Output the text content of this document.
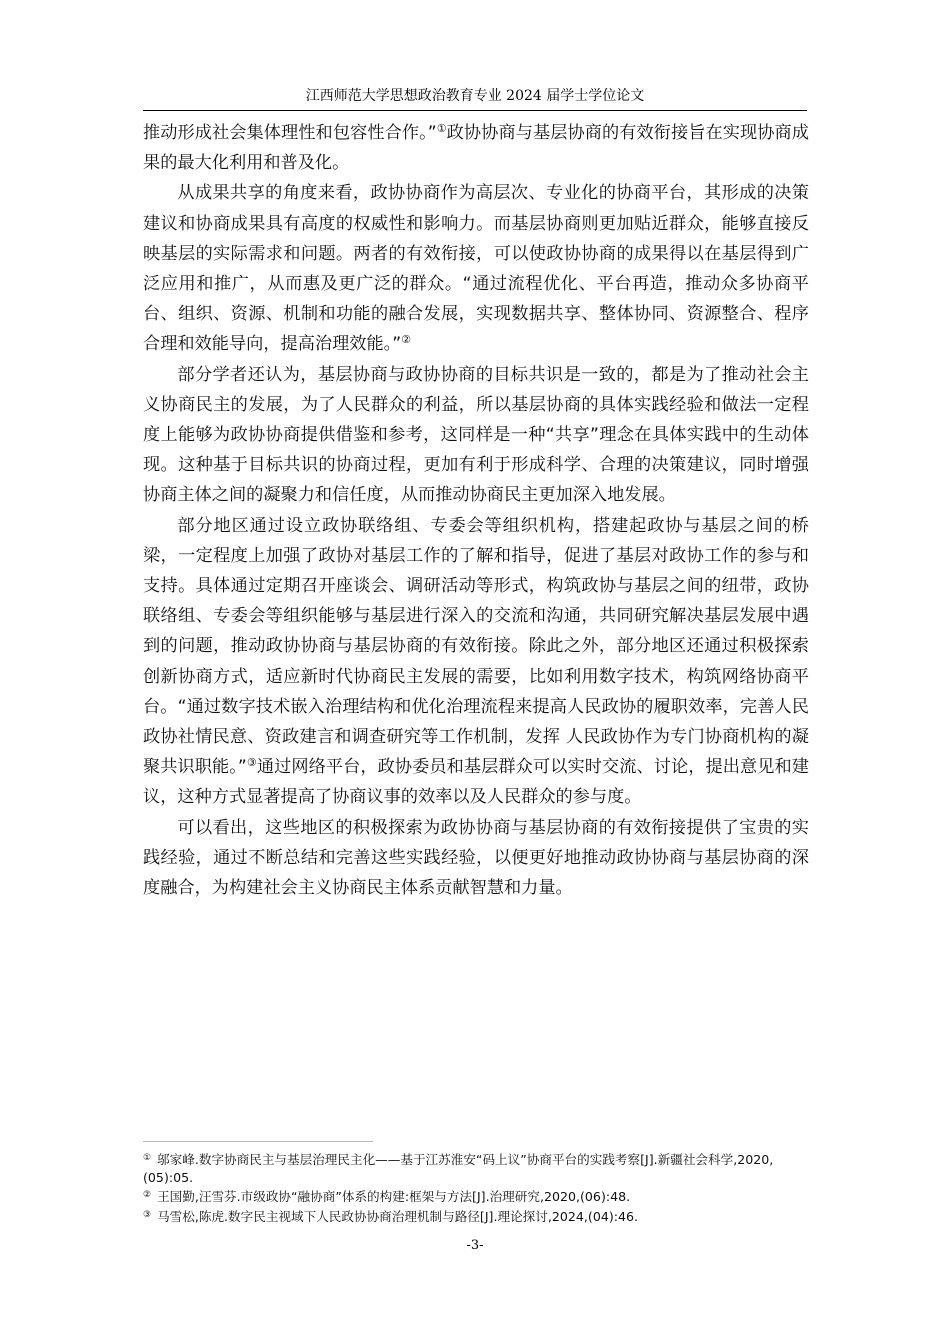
江西师范大学思想政治教育专业 2024 届学士学位论文

推动形成社会集体理性和包容性合作。”①政协协商与基层协商的有效衔接旨在实现协商成果的最大化利用和普及化。

从成果共享的角度来看，政协协商作为高层次、专业化的协商平台，其形成的决策建议和协商成果具有高度的权威性和影响力。而基层协商则更加贴近群众，能够直接反映基层的实际需求和问题。两者的有效衔接，可以使政协协商的成果得以在基层得到广泛应用和推广，从而惠及更广泛的群众。“通过流程优化、平台再造，推动众多协商平台、组织、资源、机制和功能的融合发展，实现数据共享、整体协同、资源整合、程序合理和效能导向，提高治理效能。”②

部分学者还认为，基层协商与政协协商的目标共识是一致的，都是为了推动社会主义协商民主的发展，为了人民群众的利益，所以基层协商的具体实践经验和做法一定程度上能够为政协协商提供借鉴和参考，这同样是一种“共享”理念在具体实践中的生动体现。这种基于目标共识的协商过程，更加有利于形成科学、合理的决策建议，同时增强协商主体之间的凝聚力和信任度，从而推动协商民主更加深入地发展。

部分地区通过设立政协联络组、专委会等组织机构，搭建起政协与基层之间的桥梁，一定程度上加强了政协对基层工作的了解和指导，促进了基层对政协工作的参与和支持。具体通过定期召开座谈会、调研活动等形式，构筑政协与基层之间的纽带，政协联络组、专委会等组织能够与基层进行深入的交流和沟通，共同研究解决基层发展中遇到的问题，推动政协协商与基层协商的有效衔接。除此之外，部分地区还通过积极探索创新协商方式，适应新时代协商民主发展的需要，比如利用数字技术，构筑网络协商平台。“通过数字技术嵌入治理结构和优化治理流程来提高人民政协的履职效率，完善人民政协社情民意、资政建言和调查研究等工作机制，发挥 人民政协作为专门协商机构的凝聚共识职能。”③通过网络平台，政协委员和基层群众可以实时交流、讨论，提出意见和建议，这种方式显著提高了协商议事的效率以及人民群众的参与度。

可以看出，这些地区的积极探索为政协协商与基层协商的有效衔接提供了宝贵的实践经验，通过不断总结和完善这些实践经验，以便更好地推动政协协商与基层协商的深度融合，为构建社会主义协商民主体系贡献智慧和力量。

① 邬家峰.数字协商民主与基层治理民主化——基于江苏淮安“码上议”协商平台的实践考察[J].新疆社会科学,2020,(05):05.
② 王国勤,汪雪芬.市级政协“融协商”体系的构建:框架与方法[J].治理研究,2020,(06):48.
③ 马雪松,陈虎.数字民主视域下人民政协协商治理机制与路径[J].理论探讨,2024,(04):46.
-3-
